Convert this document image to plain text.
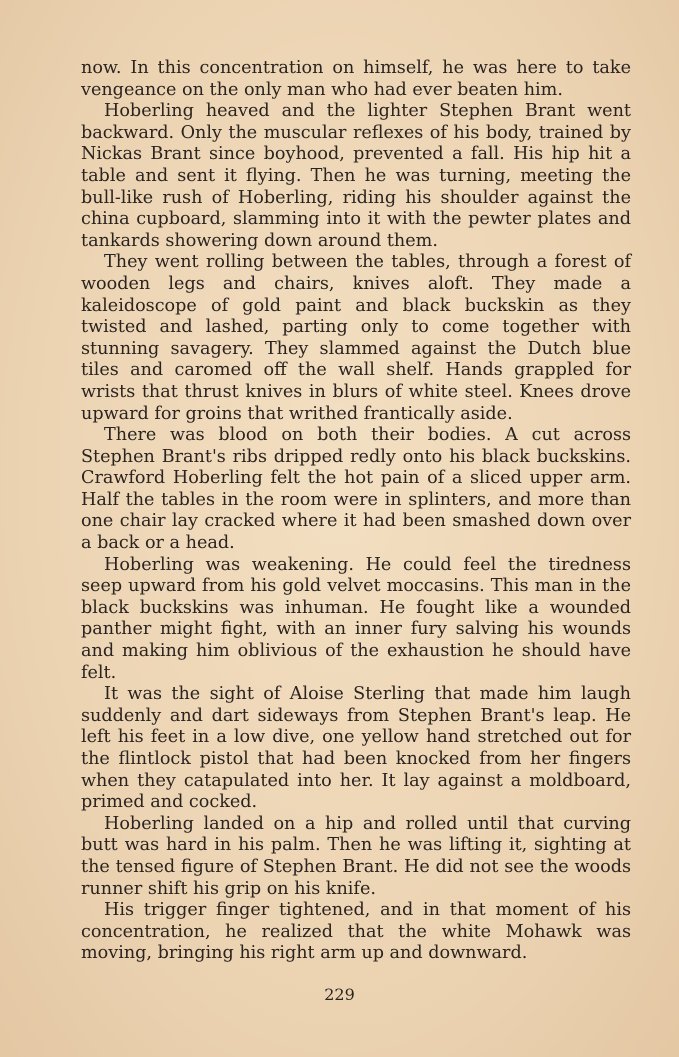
now. In this concentration on himself, he was here to take vengeance on the only man who had ever beaten him.

Hoberling heaved and the lighter Stephen Brant went backward. Only the muscular reflexes of his body, trained by Nickas Brant since boyhood, prevented a fall. His hip hit a table and sent it flying. Then he was turning, meeting the bull-like rush of Hoberling, riding his shoulder against the china cupboard, slamming into it with the pewter plates and tankards showering down around them.

They went rolling between the tables, through a forest of wooden legs and chairs, knives aloft. They made a kaleidoscope of gold paint and black buckskin as they twisted and lashed, parting only to come together with stunning savagery. They slammed against the Dutch blue tiles and caromed off the wall shelf. Hands grappled for wrists that thrust knives in blurs of white steel. Knees drove upward for groins that writhed frantically aside.

There was blood on both their bodies. A cut across Stephen Brant's ribs dripped redly onto his black buckskins. Crawford Hoberling felt the hot pain of a sliced upper arm. Half the tables in the room were in splinters, and more than one chair lay cracked where it had been smashed down over a back or a head.

Hoberling was weakening. He could feel the tiredness seep upward from his gold velvet moccasins. This man in the black buckskins was inhuman. He fought like a wounded panther might fight, with an inner fury salving his wounds and making him oblivious of the exhaustion he should have felt.

It was the sight of Aloise Sterling that made him laugh suddenly and dart sideways from Stephen Brant's leap. He left his feet in a low dive, one yellow hand stretched out for the flintlock pistol that had been knocked from her fingers when they catapulated into her. It lay against a moldboard, primed and cocked.

Hoberling landed on a hip and rolled until that curving butt was hard in his palm. Then he was lifting it, sighting at the tensed figure of Stephen Brant. He did not see the woods runner shift his grip on his knife.

His trigger finger tightened, and in that moment of his concentration, he realized that the white Mohawk was moving, bringing his right arm up and downward.

229
